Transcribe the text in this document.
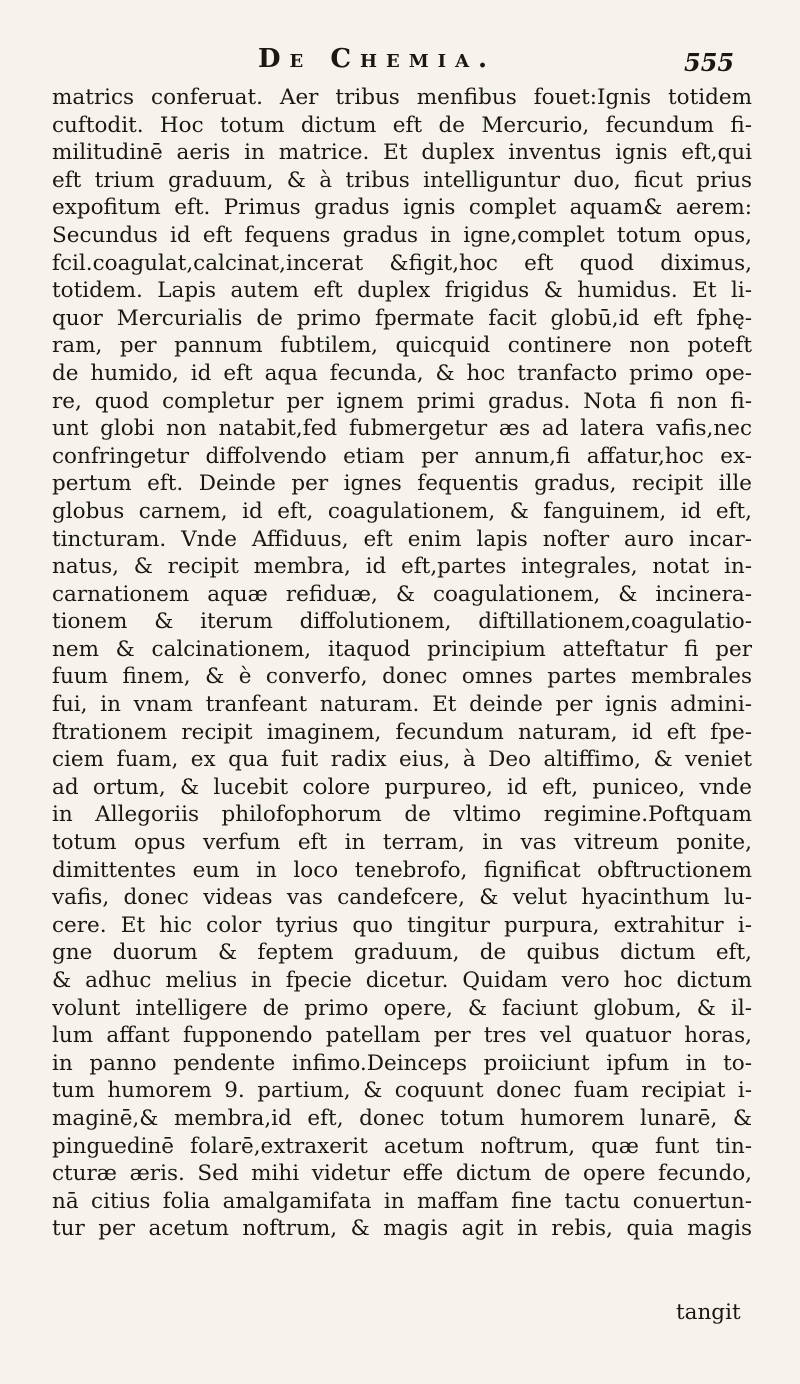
De Chemia.	555
matrics conferuat. Aer tribus menfibus fouet:Ignis totidem
cuftodit. Hoc totum dictum eft de Mercurio, fecundum fi-
militudinē aeris in matrice. Et duplex inventus ignis eft,qui
eft trium graduum, & à tribus intelliguntur duo, ficut prius
expofitum eft. Primus gradus ignis complet aquam& aerem:
Secundus id eft fequens gradus in igne,complet totum opus,
fcil.coagulat,calcinat,incerat &figit,hoc eft quod diximus,
totidem. Lapis autem eft duplex frigidus & humidus. Et li-
quor Mercurialis de primo fpermate facit globū,id eft fphę-
ram, per pannum fubtilem, quicquid continere non poteft
de humido, id eft aqua fecunda, & hoc tranfacto primo ope-
re, quod completur per ignem primi gradus. Nota fi non fi-
unt globi non natabit,fed fubmergetur æs ad latera vafis,nec
confringetur diffolvendo etiam per annum,fi affatur,hoc ex-
pertum eft. Deinde per ignes fequentis gradus, recipit ille
globus carnem, id eft, coagulationem, & fanguinem, id eft,
tincturam. Vnde Affiduus, eft enim lapis nofter auro incar-
natus, & recipit membra, id eft,partes integrales, notat in-
carnationem aquæ refiduæ, & coagulationem, & incinera-
tionem & iterum diffolutionem, diftillationem,coagulatio-
nem & calcinationem, itaquod principium atteftatur fi per
fuum finem, & è converfo, donec omnes partes membrales
fui, in vnam tranfeant naturam. Et deinde per ignis admini-
ftrationem recipit imaginem, fecundum naturam, id eft fpe-
ciem fuam, ex qua fuit radix eius, à Deo altiffimo, & veniet
ad ortum, & lucebit colore purpureo, id eft, puniceo, vnde
in Allegoriis philofophorum de vltimo regimine.Poftquam
totum opus verfum eft in terram, in vas vitreum ponite,
dimittentes eum in loco tenebrofo, fignificat obftructionem
vafis, donec videas vas candefcere, & velut hyacinthum lu-
cere. Et hic color tyrius quo tingitur purpura, extrahitur i-
gne duorum & feptem graduum, de quibus dictum eft,
& adhuc melius in fpecie dicetur. Quidam vero hoc dictum
volunt intelligere de primo opere, & faciunt globum, & il-
lum affant fupponendo patellam per tres vel quatuor horas,
in panno pendente infimo.Deinceps proiiciunt ipfum in to-
tum humorem 9. partium, & coquunt donec fuam recipiat i-
maginē,& membra,id eft, donec totum humorem lunarē, &
pinguedinē folarē,extraxerit acetum noftrum, quæ funt tin-
cturæ æris. Sed mihi videtur effe dictum de opere fecundo,
nā citius folia amalgamifata in maffam fine tactu conuertun-
tur per acetum noftrum, & magis agit in rebis, quia magis
tangit
